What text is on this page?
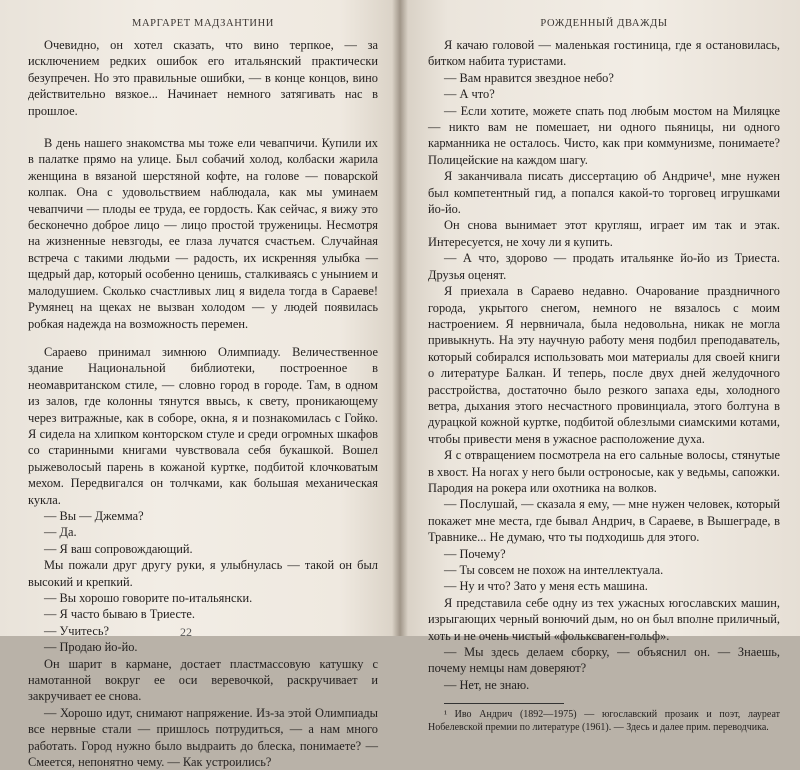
МАРГАРЕТ МАДЗАНТИНИ

Очевидно, он хотел сказать, что вино терпкое, — за исключением редких ошибок его итальянский практически безупречен. Но это правильные ошибки, — в конце концов, вино действительно вязкое... Начинает немного затягивать нас в прошлое.

В день нашего знакомства мы тоже ели чевапчичи. Купили их в палатке прямо на улице. Был собачий холод, колбаски жарила женщина в вязаной шерстяной кофте, на голове — поварской колпак. Она с удовольствием наблюдала, как мы уминаем чевапчичи — плоды ее труда, ее гордость. Как сейчас, я вижу это бесконечно доброе лицо — лицо простой труженицы. Несмотря на жизненные невзгоды, ее глаза лучатся счастьем. Случайная встреча с такими людьми — радость, их искренняя улыбка — щедрый дар, который особенно ценишь, сталкиваясь с унынием и малодушием. Сколько счастливых лиц я видела тогда в Сараеве! Румянец на щеках не вызван холодом — у людей появилась робкая надежда на возможность перемен.

Сараево принимал зимнюю Олимпиаду. Величественное здание Национальной библиотеки, построенное в неомавританском стиле, — словно город в городе. Там, в одном из залов, где колонны тянутся ввысь, к свету, проникающему через витражные, как в соборе, окна, я и познакомилась с Гойко. Я сидела на хлипком конторском стуле и среди огромных шкафов со старинными книгами чувствовала себя букашкой. Вошел рыжеволосый парень в кожаной куртке, подбитой клочковатым мехом. Передвигался он толчками, как большая механическая кукла.

— Вы — Джемма?

— Да.

— Я ваш сопровождающий.

Мы пожали друг другу руки, я улыбнулась — такой он был высокий и крепкий.

— Вы хорошо говорите по-итальянски.

— Я часто бываю в Триесте.

— Учитесь?

— Продаю йо-йо.

Он шарит в кармане, достает пластмассовую катушку с намотанной вокруг ее оси веревочкой, раскручивает и закручивает ее снова.

— Хорошо идут, снимают напряжение. Из-за этой Олимпиады все нервные стали — пришлось потрудиться, — а нам много работать. Город нужно было выдраить до блеска, понимаете? — Смеется, непонятно чему. — Как устроились?

22
РОЖДЕННЫЙ ДВАЖДЫ

Я качаю головой — маленькая гостиница, где я остановилась, битком набита туристами.

— Вам нравится звездное небо?

— А что?

— Если хотите, можете спать под любым мостом на Миляцке — никто вам не помешает, ни одного пьяницы, ни одного карманника не осталось. Чисто, как при коммунизме, понимаете? Полицейские на каждом шагу.

Я заканчивала писать диссертацию об Андриче¹, мне нужен был компетентный гид, а попался какой-то торговец игрушками йо-йо.

Он снова вынимает этот кругляш, играет им так и этак. Интересуется, не хочу ли я купить.

— А что, здорово — продать итальянке йо-йо из Триеста. Друзья оценят.

Я приехала в Сараево недавно. Очарование праздничного города, укрытого снегом, немного не вязалось с моим настроением. Я нервничала, была недовольна, никак не могла привыкнуть. На эту научную работу меня подбил преподаватель, который собирался использовать мои материалы для своей книги о литературе Балкан. И теперь, после двух дней желудочного расстройства, достаточно было резкого запаха еды, холодного ветра, дыхания этого несчастного провинциала, этого болтуна в дурацкой кожной куртке, подбитой облезлыми сиамскими котами, чтобы привести меня в ужасное расположение духа.

Я с отвращением посмотрела на его сальные волосы, стянутые в хвост. На ногах у него были остроносые, как у ведьмы, сапожки. Пародия на рокера или охотника на волков.

— Послушай, — сказала я ему, — мне нужен человек, который покажет мне места, где бывал Андрич, в Сараеве, в Вышеграде, в Травнике... Не думаю, что ты подходишь для этого.

— Почему?

— Ты совсем не похож на интеллектуала.

— Ну и что? Зато у меня есть машина.

Я представила себе одну из тех ужасных югославских машин, изрыгающих черный вонючий дым, но он был вполне приличный, хоть и не очень чистый «фольксваген-гольф».

— Мы здесь делаем сборку, — объяснил он. — Знаешь, почему немцы нам доверяют?

— Нет, не знаю.

¹ Иво Андрич (1892—1975) — югославский прозаик и поэт, лауреат Нобелевской премии по литературе (1961). — Здесь и далее прим. переводчика.
